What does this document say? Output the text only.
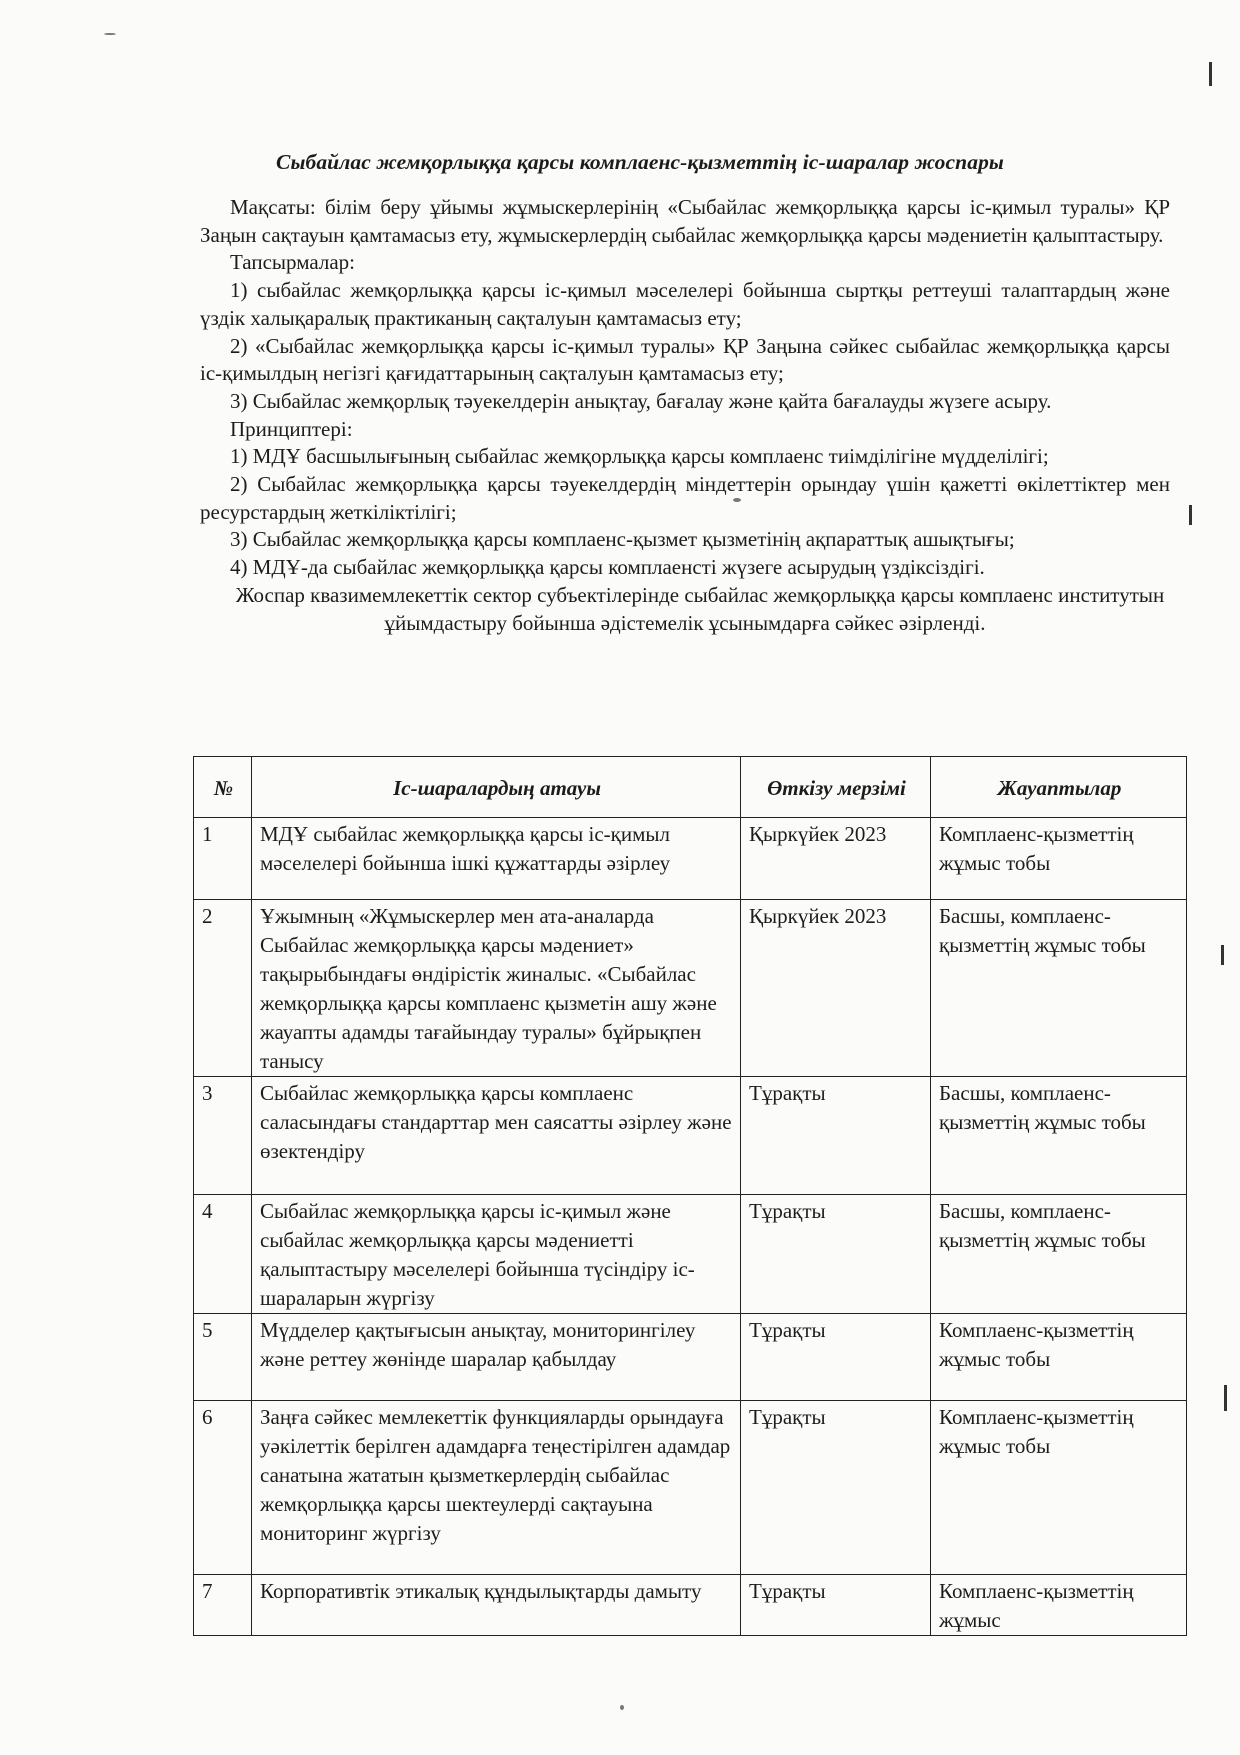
Сыбайлас жемқорлыққа қарсы комплаенс-қызметтің іс-шаралар жоспары

Мақсаты: білім беру ұйымы жұмыскерлерінің «Сыбайлас жемқорлыққа қарсы іс-қимыл туралы» ҚР Заңын сақтауын қамтамасыз ету, жұмыскерлердің сыбайлас жемқорлыққа қарсы мәдениетін қалыптастыру.

Тапсырмалар:

1) сыбайлас жемқорлыққа қарсы іс-қимыл мәселелері бойынша сыртқы реттеуші талаптардың және үздік халықаралық практиканың сақталуын қамтамасыз ету;

2) «Сыбайлас жемқорлыққа қарсы іс-қимыл туралы» ҚР Заңына сәйкес сыбайлас жемқорлыққа қарсы іс-қимылдың негізгі қағидаттарының сақталуын қамтамасыз ету;

3) Сыбайлас жемқорлық тәуекелдерін анықтау, бағалау және қайта бағалауды жүзеге асыру.

Принциптері:

1) МДҰ басшылығының сыбайлас жемқорлыққа қарсы комплаенс тиімділігіне мүдделілігі;

2) Сыбайлас жемқорлыққа қарсы тәуекелдердің міндеттерін орындау үшін қажетті өкілеттіктер мен ресурстардың жеткіліктілігі;

3) Сыбайлас жемқорлыққа қарсы комплаенс-қызмет қызметінің ақпараттық ашықтығы;

4) МДҰ-да сыбайлас жемқорлыққа қарсы комплаенсті жүзеге асырудың үздіксіздігі.

Жоспар квазимемлекеттік сектор субъектілерінде сыбайлас жемқорлыққа қарсы комплаенс институтын ұйымдастыру бойынша әдістемелік ұсынымдарға сәйкес әзірленді.

№	Іс-шаралардың атауы	Өткізу мерзімі	Жауаптылар
1	МДҰ сыбайлас жемқорлыққа қарсы іс-қимыл мәселелері бойынша ішкі құжаттарды әзірлеу	Қыркүйек 2023	Комплаенс-қызметтің жұмыс тобы
2	Ұжымның «Жұмыскерлер мен ата-аналарда Сыбайлас жемқорлыққа қарсы мәдениет» тақырыбындағы өндірістік жиналыс. «Сыбайлас жемқорлыққа қарсы комплаенс қызметін ашу және жауапты адамды тағайындау туралы» бұйрықпен танысу	Қыркүйек 2023	Басшы, комплаенс-қызметтің жұмыс тобы
3	Сыбайлас жемқорлыққа қарсы комплаенс саласындағы стандарттар мен саясатты әзірлеу және өзектендіру	Тұрақты	Басшы, комплаенс-қызметтің жұмыс тобы
4	Сыбайлас жемқорлыққа қарсы іс-қимыл және сыбайлас жемқорлыққа қарсы мәдениетті қалыптастыру мәселелері бойынша түсіндіру іс-шараларын жүргізу	Тұрақты	Басшы, комплаенс-қызметтің жұмыс тобы
5	Мүдделер қақтығысын анықтау, мониторингілеу және реттеу жөнінде шаралар қабылдау	Тұрақты	Комплаенс-қызметтің жұмыс тобы
6	Заңға сәйкес мемлекеттік функцияларды орындауға уәкілеттік берілген адамдарға теңестірілген адамдар санатына жататын қызметкерлердің сыбайлас жемқорлыққа қарсы шектеулерді сақтауына мониторинг жүргізу	Тұрақты	Комплаенс-қызметтің жұмыс тобы
7	Корпоративтік этикалық құндылықтарды дамыту	Тұрақты	Комплаенс-қызметтің жұмыс
